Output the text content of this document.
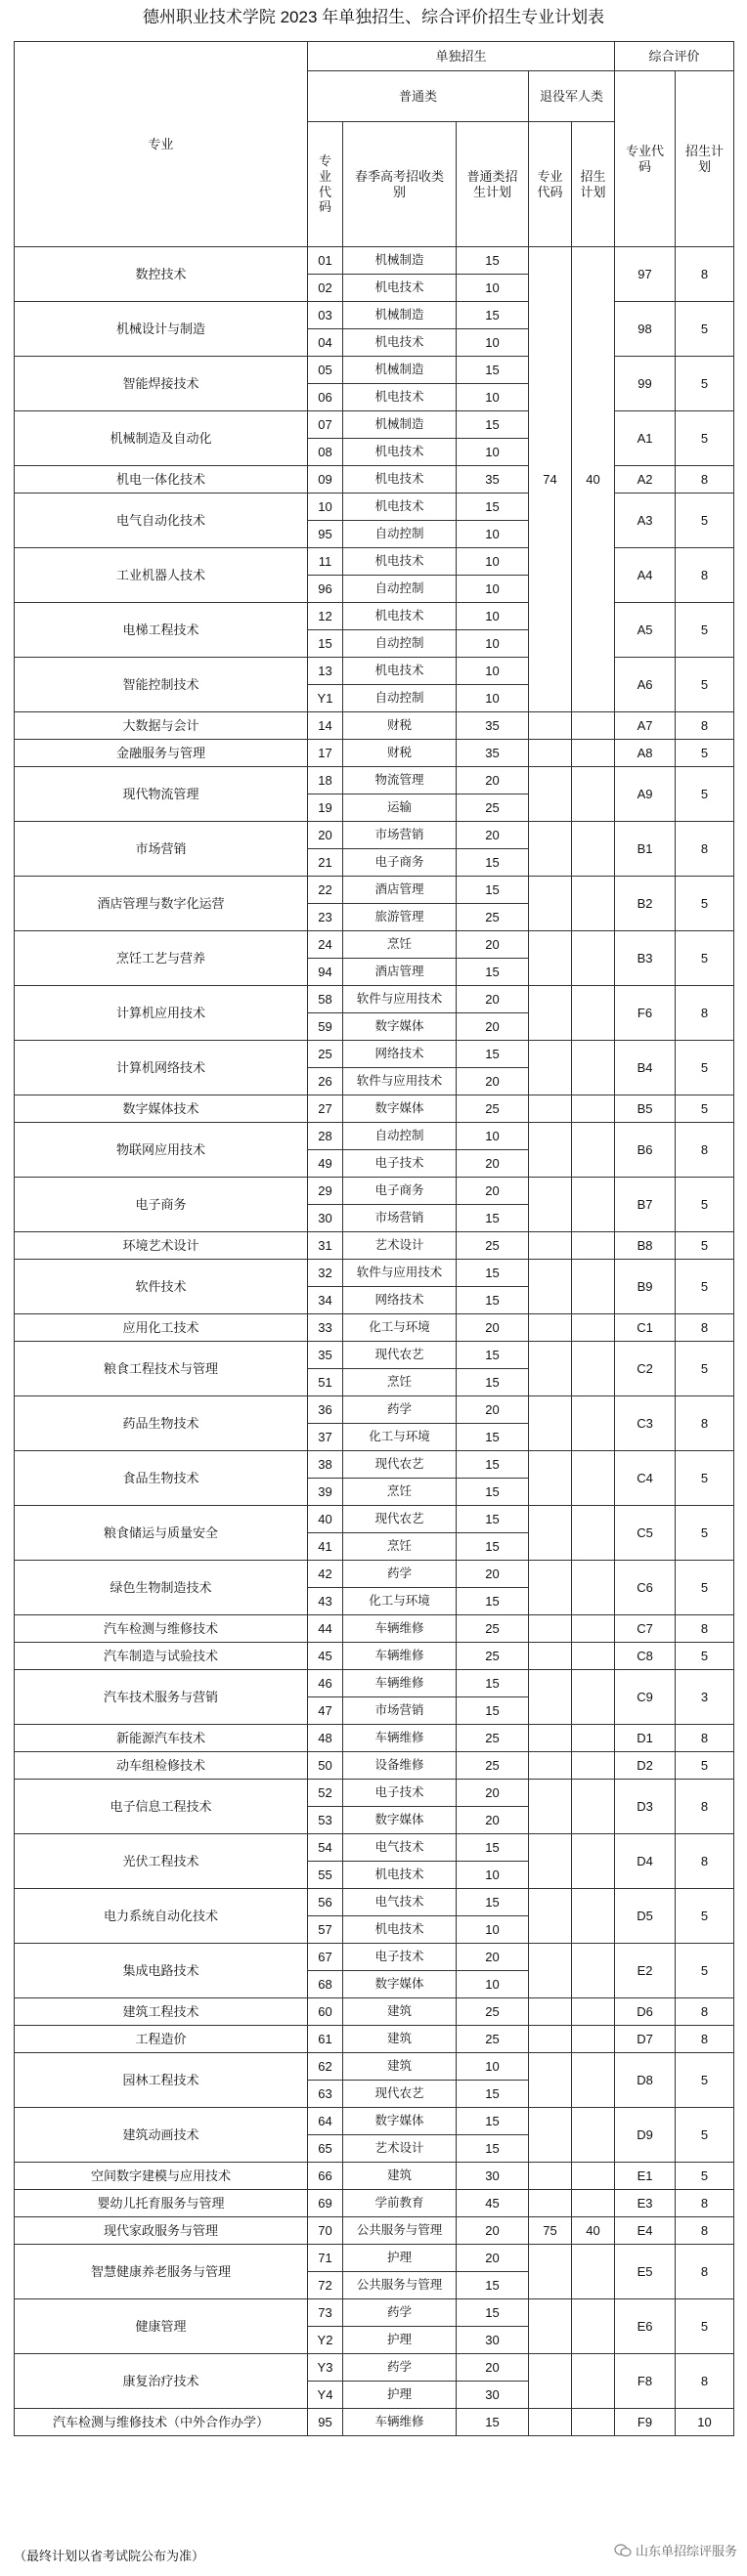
德州职业技术学院 2023 年单独招生、综合评价招生专业计划表
专业	单独招生					综合评价	
	普通类			退役军人类		专业代码	招生计划
	专业代码	春季高考招收类别	普通类招生计划	专业代码	招生计划		
数控技术	01	机械制造	15	74	40	97	8
	02	机电技术	10				
机械设计与制造	03	机械制造	15			98	5
	04	机电技术	10				
智能焊接技术	05	机械制造	15			99	5
	06	机电技术	10				
机械制造及自动化	07	机械制造	15			A1	5
	08	机电技术	10				
机电一体化技术	09	机电技术	35			A2	8
电气自动化技术	10	机电技术	15			A3	5
	95	自动控制	10				
工业机器人技术	11	机电技术	10			A4	8
	96	自动控制	10				
电梯工程技术	12	机电技术	10			A5	5
	15	自动控制	10				
智能控制技术	13	机电技术	10			A6	5
	Y1	自动控制	10				
大数据与会计	14	财税	35			A7	8
金融服务与管理	17	财税	35			A8	5
现代物流管理	18	物流管理	20			A9	5
	19	运输	25				
市场营销	20	市场营销	20			B1	8
	21	电子商务	15				
酒店管理与数字化运营	22	酒店管理	15			B2	5
	23	旅游管理	25				
烹饪工艺与营养	24	烹饪	20			B3	5
	94	酒店管理	15				
计算机应用技术	58	软件与应用技术	20			F6	8
	59	数字媒体	20				
计算机网络技术	25	网络技术	15			B4	5
	26	软件与应用技术	20				
数字媒体技术	27	数字媒体	25			B5	5
物联网应用技术	28	自动控制	10			B6	8
	49	电子技术	20				
电子商务	29	电子商务	20			B7	5
	30	市场营销	15				
环境艺术设计	31	艺术设计	25			B8	5
软件技术	32	软件与应用技术	15			B9	5
	34	网络技术	15				
应用化工技术	33	化工与环境	20			C1	8
粮食工程技术与管理	35	现代农艺	15			C2	5
	51	烹饪	15				
药品生物技术	36	药学	20			C3	8
	37	化工与环境	15				
食品生物技术	38	现代农艺	15			C4	5
	39	烹饪	15				
粮食储运与质量安全	40	现代农艺	15			C5	5
	41	烹饪	15				
绿色生物制造技术	42	药学	20			C6	5
	43	化工与环境	15				
汽车检测与维修技术	44	车辆维修	25			C7	8
汽车制造与试验技术	45	车辆维修	25			C8	5
汽车技术服务与营销	46	车辆维修	15			C9	3
	47	市场营销	15				
新能源汽车技术	48	车辆维修	25			D1	8
动车组检修技术	50	设备维修	25			D2	5
电子信息工程技术	52	电子技术	20			D3	8
	53	数字媒体	20				
光伏工程技术	54	电气技术	15			D4	8
	55	机电技术	10				
电力系统自动化技术	56	电气技术	15			D5	5
	57	机电技术	10				
集成电路技术	67	电子技术	20			E2	5
	68	数字媒体	10				
建筑工程技术	60	建筑	25			D6	8
工程造价	61	建筑	25			D7	8
园林工程技术	62	建筑	10			D8	5
	63	现代农艺	15				
建筑动画技术	64	数字媒体	15			D9	5
	65	艺术设计	15				
空间数字建模与应用技术	66	建筑	30			E1	5
婴幼儿托育服务与管理	69	学前教育	45			E3	8
现代家政服务与管理	70	公共服务与管理	20	75	40	E4	8
智慧健康养老服务与管理	71	护理	20			E5	8
	72	公共服务与管理	15				
健康管理	73	药学	15			E6	5
	Y2	护理	30				
康复治疗技术	Y3	药学	20			F8	8
	Y4	护理	30				
汽车检测与维修技术（中外合作办学）	95	车辆维修	15			F9	10
（最终计划以省考试院公布为准）	山东单招综评服务
